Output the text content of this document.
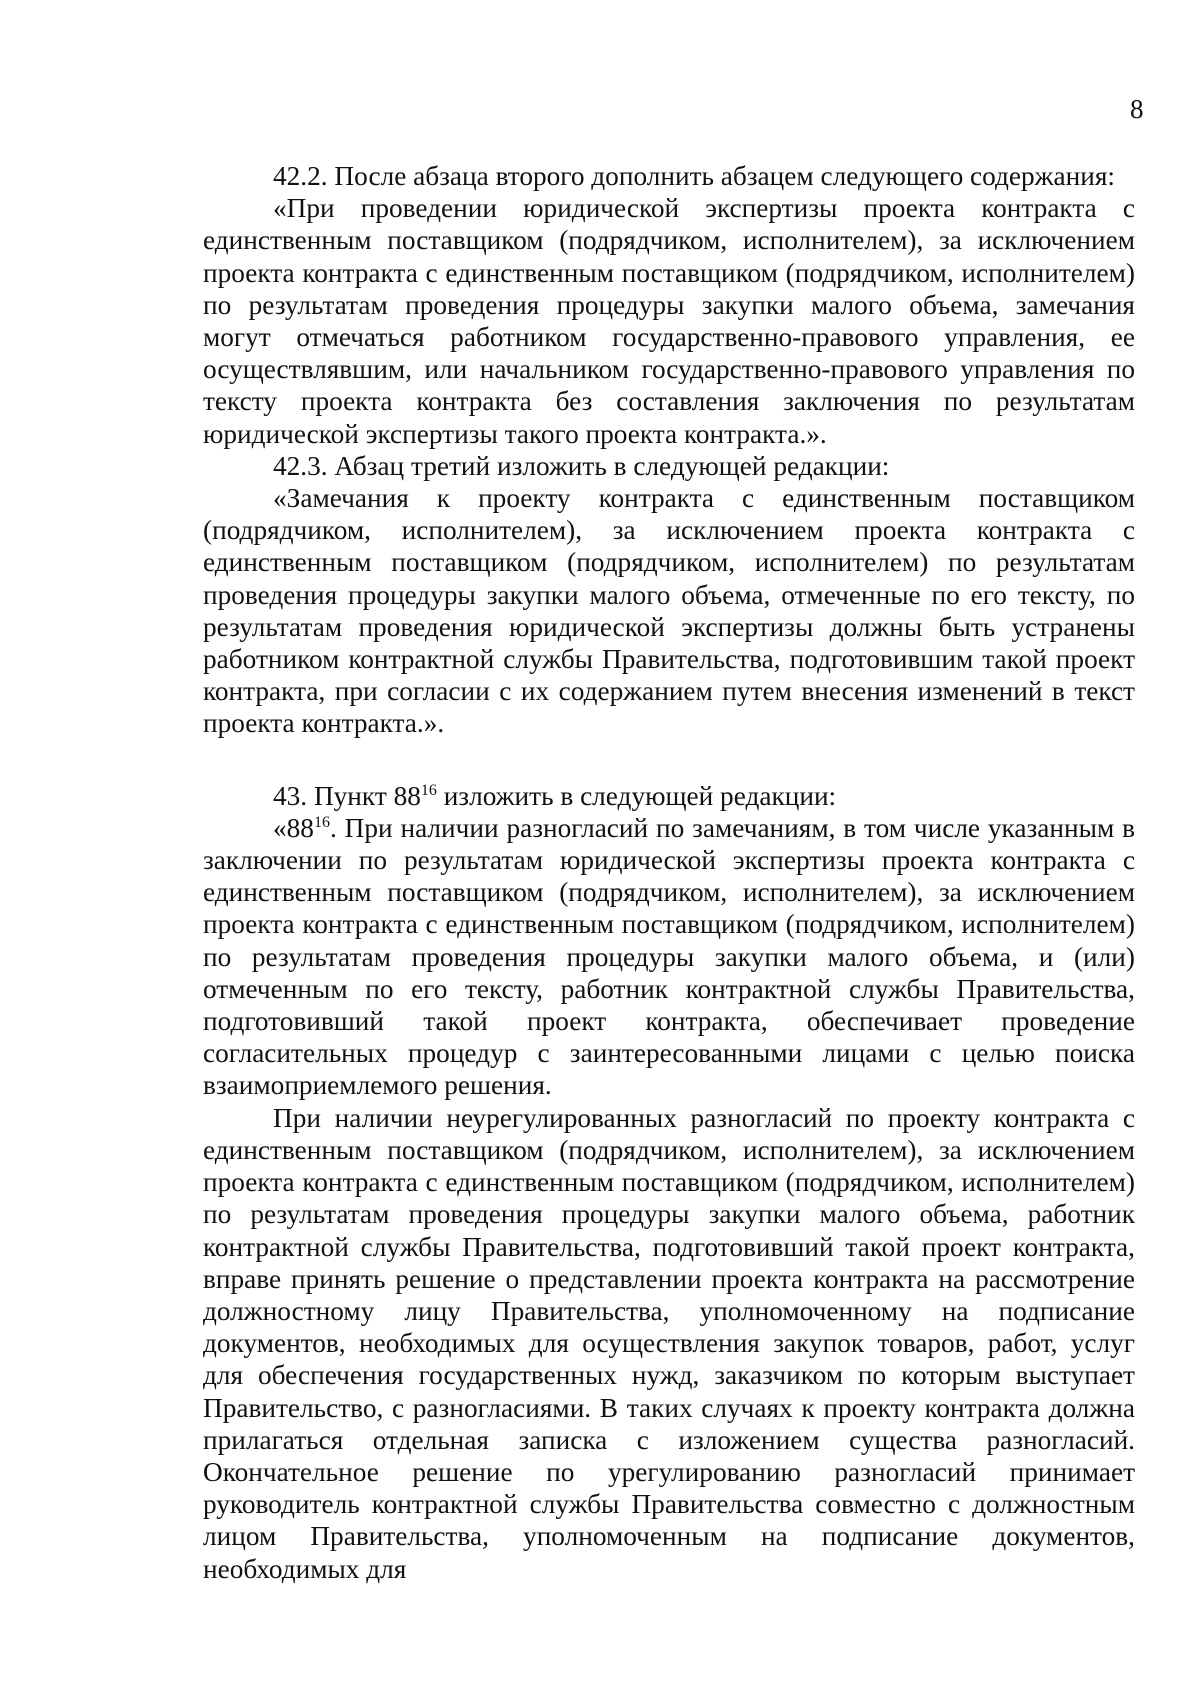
8

42.2. После абзаца второго дополнить абзацем следующего содержания:

«При проведении юридической экспертизы проекта контракта с единственным поставщиком (подрядчиком, исполнителем), за исключением проекта контракта с единственным поставщиком (подрядчиком, исполнителем) по результатам проведения процедуры закупки малого объема, замечания могут отмечаться работником государственно-правового управления, ее осуществлявшим, или начальником государственно-правового управления по тексту проекта контракта без составления заключения по результатам юридической экспертизы такого проекта контракта.».

42.3. Абзац третий изложить в следующей редакции:

«Замечания к проекту контракта с единственным поставщиком (подрядчиком, исполнителем), за исключением проекта контракта с единственным поставщиком (подрядчиком, исполнителем) по результатам проведения процедуры закупки малого объема, отмеченные по его тексту, по результатам проведения юридической экспертизы должны быть устранены работником контрактной службы Правительства, подготовившим такой проект контракта, при согласии с их содержанием путем внесения изменений в текст проекта контракта.».

43. Пункт $88^{16}$ изложить в следующей редакции:

«$88^{16}$. При наличии разногласий по замечаниям, в том числе указанным в заключении по результатам юридической экспертизы проекта контракта с единственным поставщиком (подрядчиком, исполнителем), за исключением проекта контракта с единственным поставщиком (подрядчиком, исполнителем) по результатам проведения процедуры закупки малого объема, и (или) отмеченным по его тексту, работник контрактной службы Правительства, подготовивший такой проект контракта, обеспечивает проведение согласительных процедур с заинтересованными лицами с целью поиска взаимоприемлемого решения.

При наличии неурегулированных разногласий по проекту контракта с единственным поставщиком (подрядчиком, исполнителем), за исключением проекта контракта с единственным поставщиком (подрядчиком, исполнителем) по результатам проведения процедуры закупки малого объема, работник контрактной службы Правительства, подготовивший такой проект контракта, вправе принять решение о представлении проекта контракта на рассмотрение должностному лицу Правительства, уполномоченному на подписание документов, необходимых для осуществления закупок товаров, работ, услуг для обеспечения государственных нужд, заказчиком по которым выступает Правительство, с разногласиями. В таких случаях к проекту контракта должна прилагаться отдельная записка с изложением существа разногласий. Окончательное решение по урегулированию разногласий принимает руководитель контрактной службы Правительства совместно с должностным лицом Правительства, уполномоченным на подписание документов, необходимых для
